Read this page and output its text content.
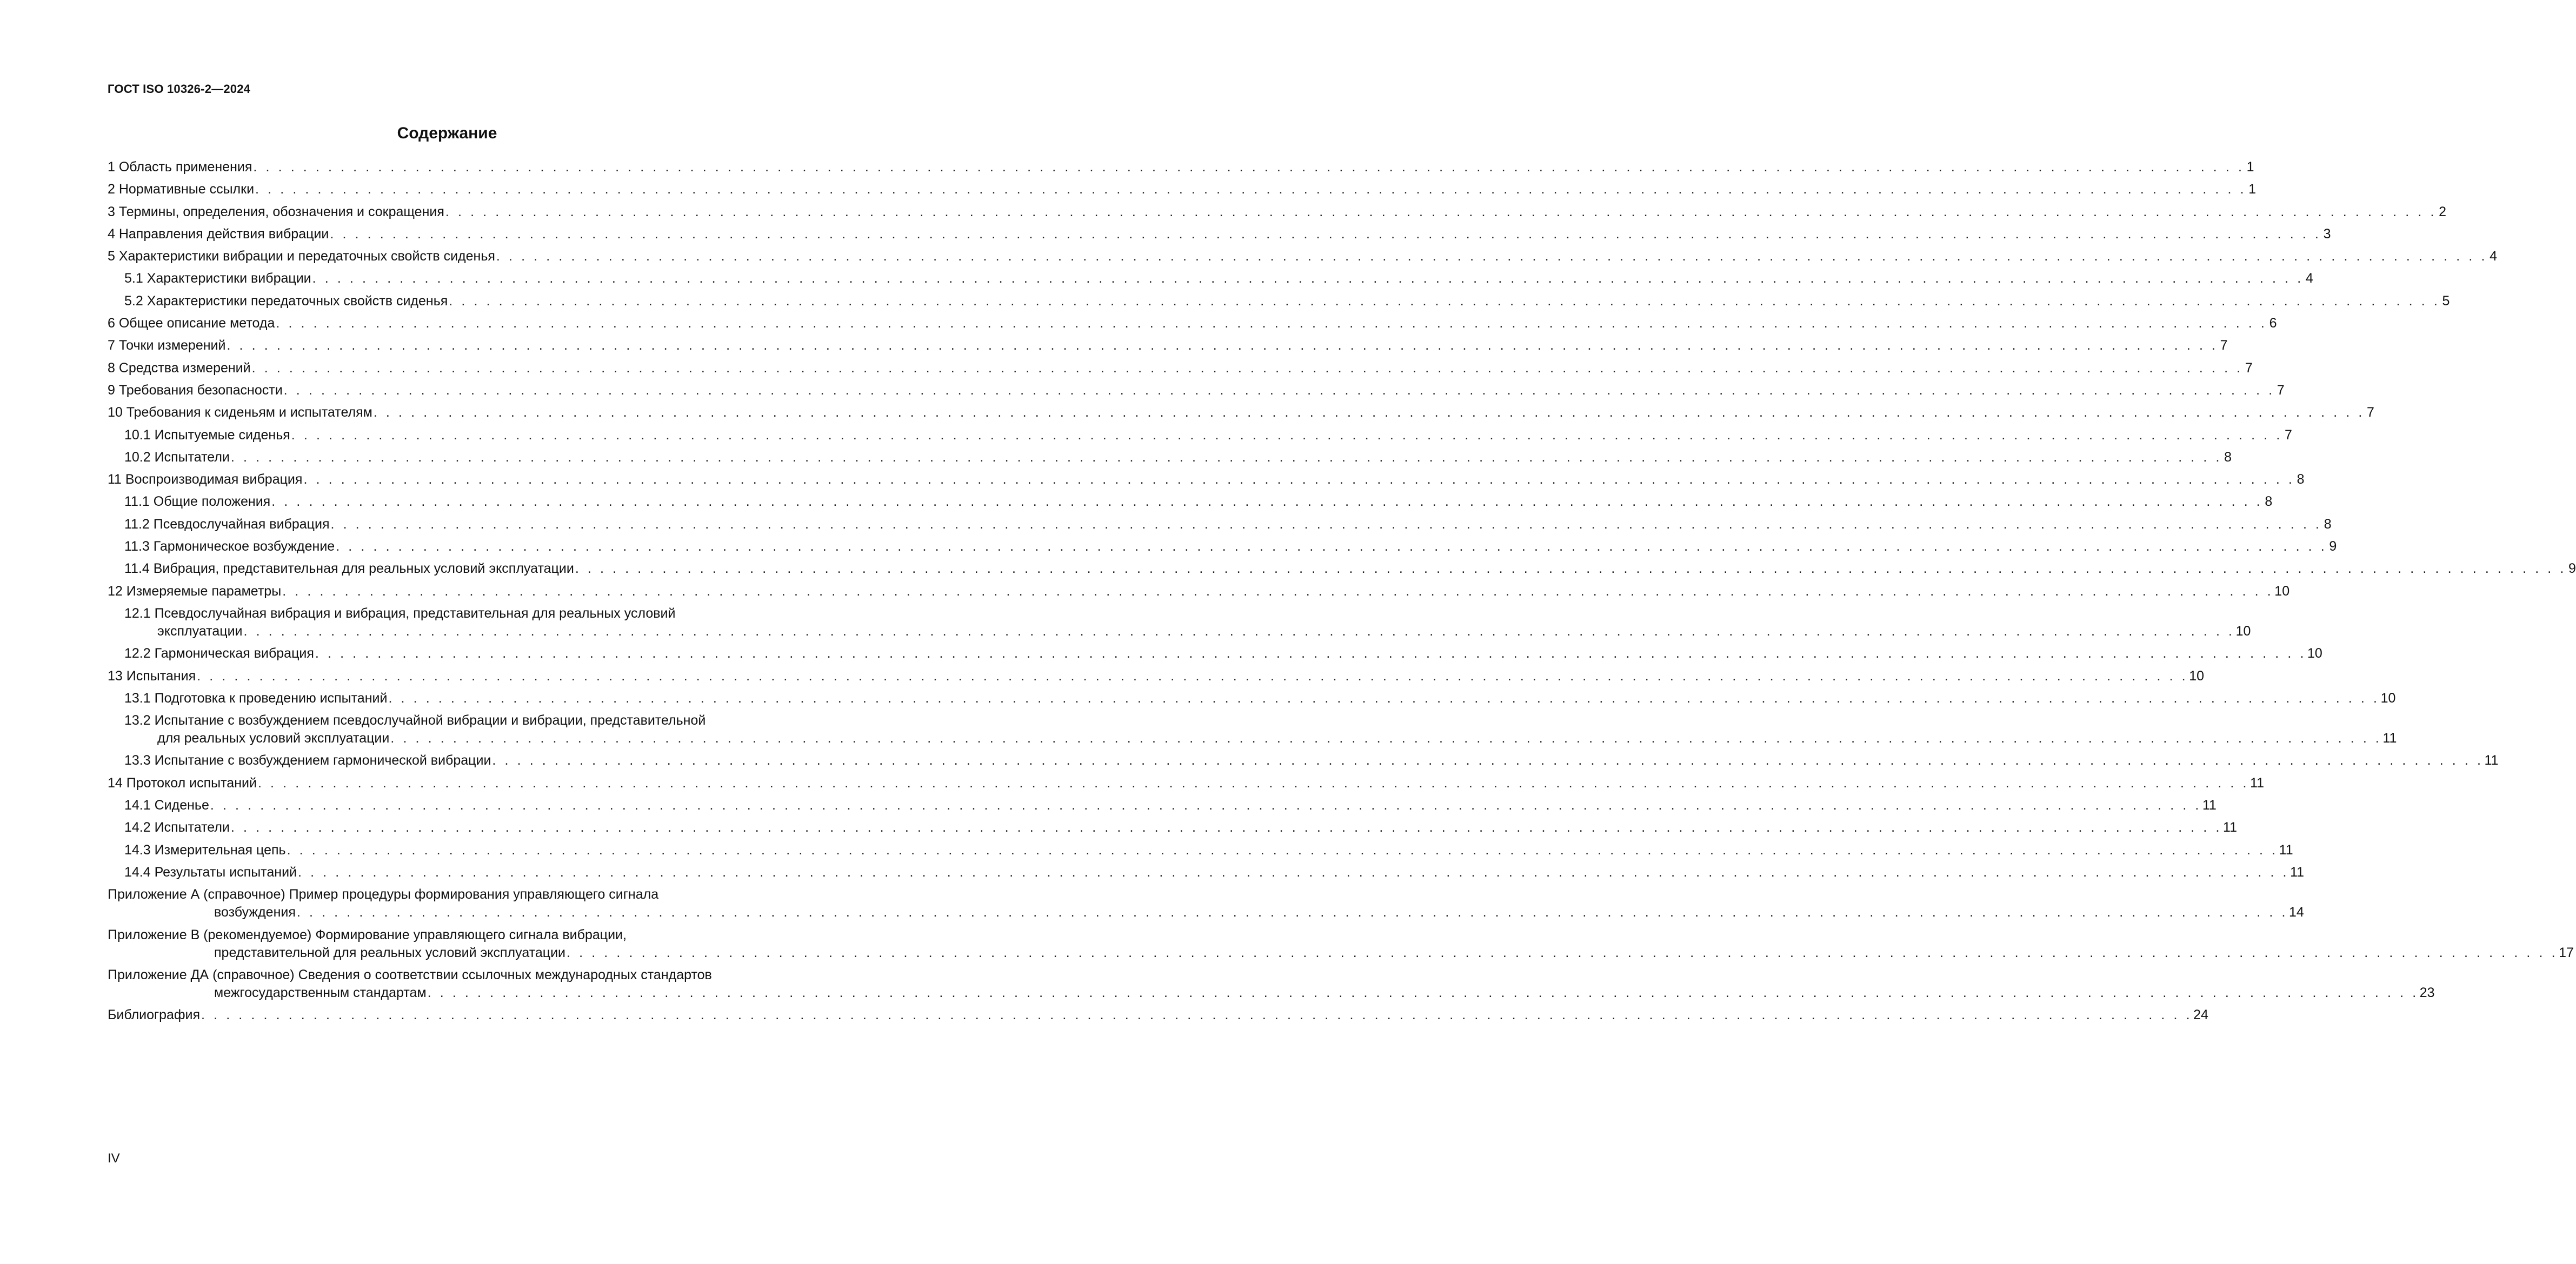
ГОСТ ISO 10326-2—2024
Содержание
1 Область применения . . . . . . . . . . . . . . . . . . . . . . . . . . . . . . . . . . . . . . . . . . . . . . . . . . . . . . . . . . . . . . . . . . . . . . . . . . . . . . . . . . . . . . . . . . . . . . . . . . . . . . . . . . . . . . . . . . . . . . . . . . . . . . . . . . . . . . . . . . . . . . . . . . . . . . . . . . . . . . . . 1
2 Нормативные ссылки . . . . . . . . . . . . . . . . . . . . . . . . . . . . . . . . . . . . . . . . . . . . . . . . . . . . . . . . . . . . . . . . . . . . . . . . . . . . . . . . . . . . . . . . . . . . . . . . . . . . . . . . . . . . . . . . . . . . . . . . . . . . . . . . . . . . . . . . . . . . . . . . . . . . . . . . . . . . . . . . 1
3 Термины, определения, обозначения и сокращения . . . . . . . . . . . . . . . . . . . . . . . . . . . . . . . . . . . . . . . . . . . . . . . . . . . . . . . . . . . . . . . . . . . . . . . . . . . . . . . . . . . . . . . . . . . . . . . . . . . . . . . . . . . . . . . . . . . . . . . . . . . . . . . . . . . . . . . . . . . . . . . . . . . . . . . . . . . . . . . . 2
4 Направления действия вибрации . . . . . . . . . . . . . . . . . . . . . . . . . . . . . . . . . . . . . . . . . . . . . . . . . . . . . . . . . . . . . . . . . . . . . . . . . . . . . . . . . . . . . . . . . . . . . . . . . . . . . . . . . . . . . . . . . . . . . . . . . . . . . . . . . . . . . . . . . . . . . . . . . . . . . . . . . . . . . . . . 3
5 Характеристики вибрации и передаточных свойств сиденья . . . . . . . . . . . . . . . . . . . . . . . . . . . . . . . . . . . . . . . . . . . . . . . . . . . . . . . . . . . . . . . . . . . . . . . . . . . . . . . . . . . . . . . . . . . . . . . . . . . . . . . . . . . . . . . . . . . . . . . . . . . . . . . . . . . . . . . . . . . . . . . . . . . . . . . . . . . . . . . . 4
5.1 Характеристики вибрации . . . . . . . . . . . . . . . . . . . . . . . . . . . . . . . . . . . . . . . . . . . . . . . . . . . . . . . . . . . . . . . . . . . . . . . . . . . . . . . . . . . . . . . . . . . . . . . . . . . . . . . . . . . . . . . . . . . . . . . . . . . . . . . . . . . . . . . . . . . . . . . . . . . . . . . . . . . . . . . . 4
5.2 Характеристики передаточных свойств сиденья . . . . . . . . . . . . . . . . . . . . . . . . . . . . . . . . . . . . . . . . . . . . . . . . . . . . . . . . . . . . . . . . . . . . . . . . . . . . . . . . . . . . . . . . . . . . . . . . . . . . . . . . . . . . . . . . . . . . . . . . . . . . . . . . . . . . . . . . . . . . . . . . . . . . . . . . . . . . . . . . 5
6 Общее описание метода . . . . . . . . . . . . . . . . . . . . . . . . . . . . . . . . . . . . . . . . . . . . . . . . . . . . . . . . . . . . . . . . . . . . . . . . . . . . . . . . . . . . . . . . . . . . . . . . . . . . . . . . . . . . . . . . . . . . . . . . . . . . . . . . . . . . . . . . . . . . . . . . . . . . . . . . . . . . . . . . 6
7 Точки измерений . . . . . . . . . . . . . . . . . . . . . . . . . . . . . . . . . . . . . . . . . . . . . . . . . . . . . . . . . . . . . . . . . . . . . . . . . . . . . . . . . . . . . . . . . . . . . . . . . . . . . . . . . . . . . . . . . . . . . . . . . . . . . . . . . . . . . . . . . . . . . . . . . . . . . . . . . . . . . . . . 7
8 Средства измерений . . . . . . . . . . . . . . . . . . . . . . . . . . . . . . . . . . . . . . . . . . . . . . . . . . . . . . . . . . . . . . . . . . . . . . . . . . . . . . . . . . . . . . . . . . . . . . . . . . . . . . . . . . . . . . . . . . . . . . . . . . . . . . . . . . . . . . . . . . . . . . . . . . . . . . . . . . . . . . . . 7
9 Требования безопасности . . . . . . . . . . . . . . . . . . . . . . . . . . . . . . . . . . . . . . . . . . . . . . . . . . . . . . . . . . . . . . . . . . . . . . . . . . . . . . . . . . . . . . . . . . . . . . . . . . . . . . . . . . . . . . . . . . . . . . . . . . . . . . . . . . . . . . . . . . . . . . . . . . . . . . . . . . . . . . . . 7
10 Требования к сиденьям и испытателям . . . . . . . . . . . . . . . . . . . . . . . . . . . . . . . . . . . . . . . . . . . . . . . . . . . . . . . . . . . . . . . . . . . . . . . . . . . . . . . . . . . . . . . . . . . . . . . . . . . . . . . . . . . . . . . . . . . . . . . . . . . . . . . . . . . . . . . . . . . . . . . . . . . . . . . . . . . . . . . . 7
10.1 Испытуемые сиденья . . . . . . . . . . . . . . . . . . . . . . . . . . . . . . . . . . . . . . . . . . . . . . . . . . . . . . . . . . . . . . . . . . . . . . . . . . . . . . . . . . . . . . . . . . . . . . . . . . . . . . . . . . . . . . . . . . . . . . . . . . . . . . . . . . . . . . . . . . . . . . . . . . . . . . . . . . . . . . . . 7
10.2 Испытатели . . . . . . . . . . . . . . . . . . . . . . . . . . . . . . . . . . . . . . . . . . . . . . . . . . . . . . . . . . . . . . . . . . . . . . . . . . . . . . . . . . . . . . . . . . . . . . . . . . . . . . . . . . . . . . . . . . . . . . . . . . . . . . . . . . . . . . . . . . . . . . . . . . . . . . . . . . . . . . . . 8
11 Воспроизводимая вибрация . . . . . . . . . . . . . . . . . . . . . . . . . . . . . . . . . . . . . . . . . . . . . . . . . . . . . . . . . . . . . . . . . . . . . . . . . . . . . . . . . . . . . . . . . . . . . . . . . . . . . . . . . . . . . . . . . . . . . . . . . . . . . . . . . . . . . . . . . . . . . . . . . . . . . . . . . . . . . . . . 8
11.1 Общие положения . . . . . . . . . . . . . . . . . . . . . . . . . . . . . . . . . . . . . . . . . . . . . . . . . . . . . . . . . . . . . . . . . . . . . . . . . . . . . . . . . . . . . . . . . . . . . . . . . . . . . . . . . . . . . . . . . . . . . . . . . . . . . . . . . . . . . . . . . . . . . . . . . . . . . . . . . . . . . . . . 8
11.2 Псевдослучайная вибрация . . . . . . . . . . . . . . . . . . . . . . . . . . . . . . . . . . . . . . . . . . . . . . . . . . . . . . . . . . . . . . . . . . . . . . . . . . . . . . . . . . . . . . . . . . . . . . . . . . . . . . . . . . . . . . . . . . . . . . . . . . . . . . . . . . . . . . . . . . . . . . . . . . . . . . . . . . . . . . . . 8
11.3 Гармоническое возбуждение . . . . . . . . . . . . . . . . . . . . . . . . . . . . . . . . . . . . . . . . . . . . . . . . . . . . . . . . . . . . . . . . . . . . . . . . . . . . . . . . . . . . . . . . . . . . . . . . . . . . . . . . . . . . . . . . . . . . . . . . . . . . . . . . . . . . . . . . . . . . . . . . . . . . . . . . . . . . . . . . 9
11.4 Вибрация, представительная для реальных условий эксплуатации . . . . . . . . . . . . . . . . . . . . . . . . . . . . . . . . . . . . . . . . . . . . . . . . . . . . . . . . . . . . . . . . . . . . . . . . . . . . . . . . . . . . . . . . . . . . . . . . . . . . . . . . . . . . . . . . . . . . . . . . . . . . . . . . . . . . . . . . . . . . . . . . . . . . . . . . . . . . . . . . 9
12 Измеряемые параметры . . . . . . . . . . . . . . . . . . . . . . . . . . . . . . . . . . . . . . . . . . . . . . . . . . . . . . . . . . . . . . . . . . . . . . . . . . . . . . . . . . . . . . . . . . . . . . . . . . . . . . . . . . . . . . . . . . . . . . . . . . . . . . . . . . . . . . . . . . . . . . . . . . . . . . . . . . . . . . . . 10
12.1 Псевдослучайная вибрация и вибрация, представительная для реальных условий
эксплуатации . . . . . . . . . . . . . . . . . . . . . . . . . . . . . . . . . . . . . . . . . . . . . . . . . . . . . . . . . . . . . . . . . . . . . . . . . . . . . . . . . . . . . . . . . . . . . . . . . . . . . . . . . . . . . . . . . . . . . . . . . . . . . . . . . . . . . . . . . . . . . . . . . . . . . . . . . . . . . . . . 10
12.2 Гармоническая вибрация . . . . . . . . . . . . . . . . . . . . . . . . . . . . . . . . . . . . . . . . . . . . . . . . . . . . . . . . . . . . . . . . . . . . . . . . . . . . . . . . . . . . . . . . . . . . . . . . . . . . . . . . . . . . . . . . . . . . . . . . . . . . . . . . . . . . . . . . . . . . . . . . . . . . . . . . . . . . . . . . 10
13 Испытания . . . . . . . . . . . . . . . . . . . . . . . . . . . . . . . . . . . . . . . . . . . . . . . . . . . . . . . . . . . . . . . . . . . . . . . . . . . . . . . . . . . . . . . . . . . . . . . . . . . . . . . . . . . . . . . . . . . . . . . . . . . . . . . . . . . . . . . . . . . . . . . . . . . . . . . . . . . . . . . . 10
13.1 Подготовка к проведению испытаний . . . . . . . . . . . . . . . . . . . . . . . . . . . . . . . . . . . . . . . . . . . . . . . . . . . . . . . . . . . . . . . . . . . . . . . . . . . . . . . . . . . . . . . . . . . . . . . . . . . . . . . . . . . . . . . . . . . . . . . . . . . . . . . . . . . . . . . . . . . . . . . . . . . . . . . . . . . . . . . . 10
13.2 Испытание с возбуждением псевдослучайной вибрации и вибрации, представительной
для реальных условий эксплуатации . . . . . . . . . . . . . . . . . . . . . . . . . . . . . . . . . . . . . . . . . . . . . . . . . . . . . . . . . . . . . . . . . . . . . . . . . . . . . . . . . . . . . . . . . . . . . . . . . . . . . . . . . . . . . . . . . . . . . . . . . . . . . . . . . . . . . . . . . . . . . . . . . . . . . . . . . . . . . . . . 11
13.3 Испытание с возбуждением гармонической вибрации . . . . . . . . . . . . . . . . . . . . . . . . . . . . . . . . . . . . . . . . . . . . . . . . . . . . . . . . . . . . . . . . . . . . . . . . . . . . . . . . . . . . . . . . . . . . . . . . . . . . . . . . . . . . . . . . . . . . . . . . . . . . . . . . . . . . . . . . . . . . . . . . . . . . . . . . . . . . . . . . 11
14 Протокол испытаний . . . . . . . . . . . . . . . . . . . . . . . . . . . . . . . . . . . . . . . . . . . . . . . . . . . . . . . . . . . . . . . . . . . . . . . . . . . . . . . . . . . . . . . . . . . . . . . . . . . . . . . . . . . . . . . . . . . . . . . . . . . . . . . . . . . . . . . . . . . . . . . . . . . . . . . . . . . . . . . . 11
14.1 Сиденье . . . . . . . . . . . . . . . . . . . . . . . . . . . . . . . . . . . . . . . . . . . . . . . . . . . . . . . . . . . . . . . . . . . . . . . . . . . . . . . . . . . . . . . . . . . . . . . . . . . . . . . . . . . . . . . . . . . . . . . . . . . . . . . . . . . . . . . . . . . . . . . . . . . . . . . . . . . . . . . . 11
14.2 Испытатели . . . . . . . . . . . . . . . . . . . . . . . . . . . . . . . . . . . . . . . . . . . . . . . . . . . . . . . . . . . . . . . . . . . . . . . . . . . . . . . . . . . . . . . . . . . . . . . . . . . . . . . . . . . . . . . . . . . . . . . . . . . . . . . . . . . . . . . . . . . . . . . . . . . . . . . . . . . . . . . . 11
14.3 Измерительная цепь . . . . . . . . . . . . . . . . . . . . . . . . . . . . . . . . . . . . . . . . . . . . . . . . . . . . . . . . . . . . . . . . . . . . . . . . . . . . . . . . . . . . . . . . . . . . . . . . . . . . . . . . . . . . . . . . . . . . . . . . . . . . . . . . . . . . . . . . . . . . . . . . . . . . . . . . . . . . . . . . 11
14.4 Результаты испытаний . . . . . . . . . . . . . . . . . . . . . . . . . . . . . . . . . . . . . . . . . . . . . . . . . . . . . . . . . . . . . . . . . . . . . . . . . . . . . . . . . . . . . . . . . . . . . . . . . . . . . . . . . . . . . . . . . . . . . . . . . . . . . . . . . . . . . . . . . . . . . . . . . . . . . . . . . . . . . . . . 11
Приложение А (справочное) Пример процедуры формирования управляющего сигнала
возбуждения . . . . . . . . . . . . . . . . . . . . . . . . . . . . . . . . . . . . . . . . . . . . . . . . . . . . . . . . . . . . . . . . . . . . . . . . . . . . . . . . . . . . . . . . . . . . . . . . . . . . . . . . . . . . . . . . . . . . . . . . . . . . . . . . . . . . . . . . . . . . . . . . . . . . . . . . . . . . . . . . 14
Приложение В (рекомендуемое) Формирование управляющего сигнала вибрации,
представительной для реальных условий эксплуатации . . . . . . . . . . . . . . . . . . . . . . . . . . . . . . . . . . . . . . . . . . . . . . . . . . . . . . . . . . . . . . . . . . . . . . . . . . . . . . . . . . . . . . . . . . . . . . . . . . . . . . . . . . . . . . . . . . . . . . . . . . . . . . . . . . . . . . . . . . . . . . . . . . . . . . . . . . . . . . . . 17
Приложение ДА (справочное) Сведения о соответствии ссылочных международных стандартов
межгосударственным стандартам . . . . . . . . . . . . . . . . . . . . . . . . . . . . . . . . . . . . . . . . . . . . . . . . . . . . . . . . . . . . . . . . . . . . . . . . . . . . . . . . . . . . . . . . . . . . . . . . . . . . . . . . . . . . . . . . . . . . . . . . . . . . . . . . . . . . . . . . . . . . . . . . . . . . . . . . . . . . . . . . 23
Библиография . . . . . . . . . . . . . . . . . . . . . . . . . . . . . . . . . . . . . . . . . . . . . . . . . . . . . . . . . . . . . . . . . . . . . . . . . . . . . . . . . . . . . . . . . . . . . . . . . . . . . . . . . . . . . . . . . . . . . . . . . . . . . . . . . . . . . . . . . . . . . . . . . . . . . . . . . . . . . . . . 24
IV
